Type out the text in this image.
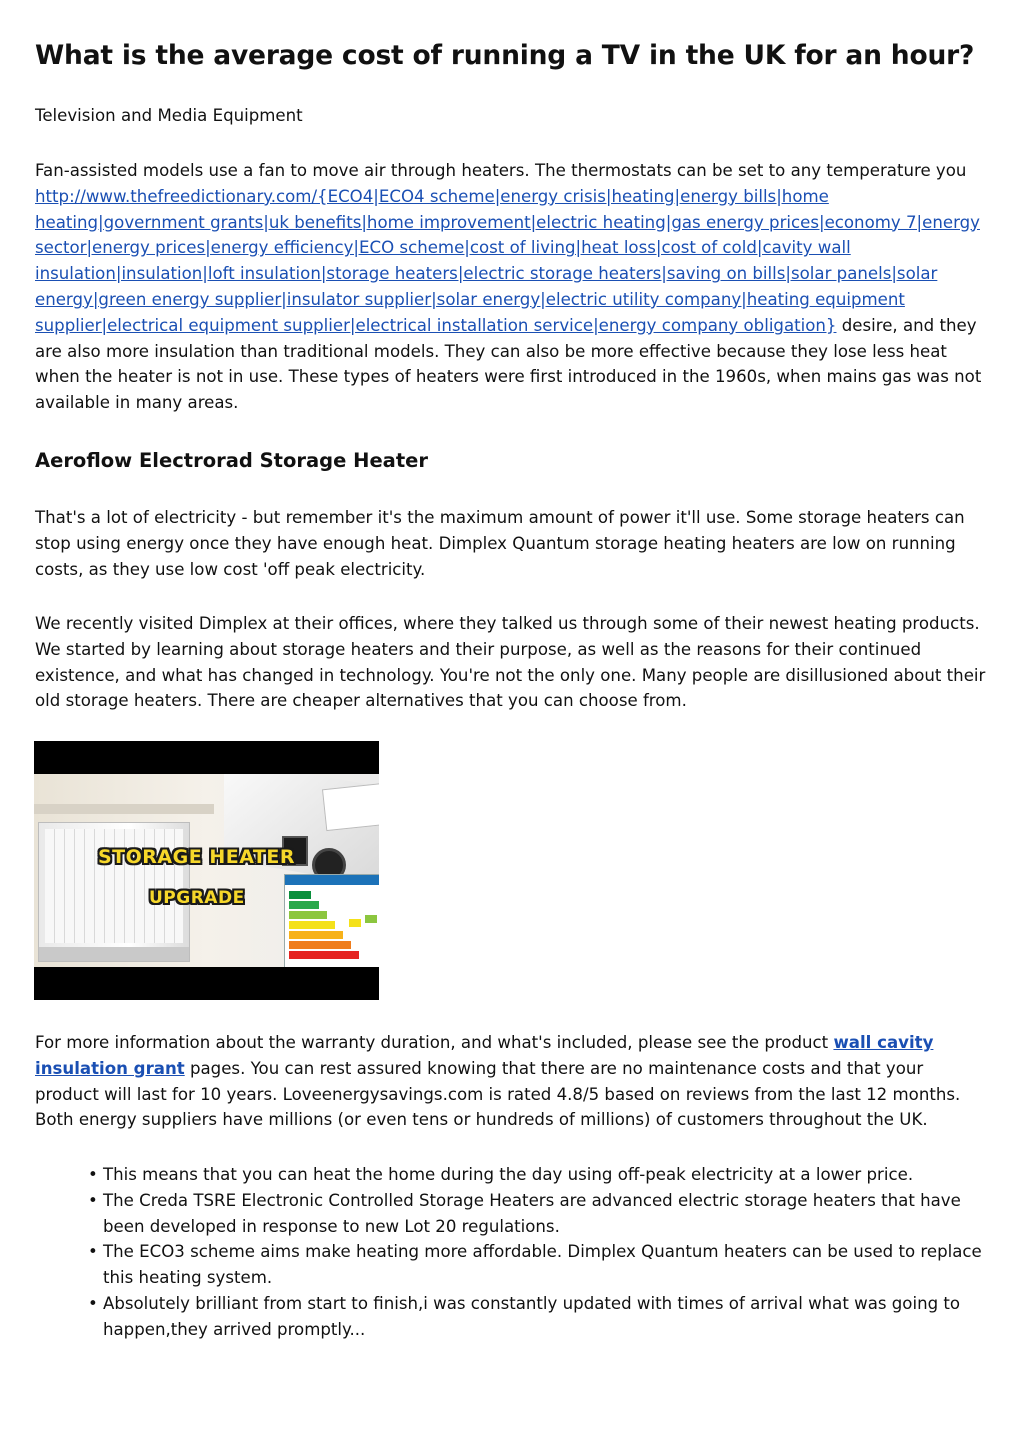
What is the average cost of running a TV in the UK for an hour?

Television and Media Equipment

Fan-assisted models use a fan to move air through heaters. The thermostats can be set to any temperature you http://www.thefreedictionary.com/{ECO4|ECO4 scheme|energy crisis|heating|energy bills|home heating|government grants|uk benefits|home improvement|electric heating|gas energy prices|economy 7|energy sector|energy prices|energy efficiency|ECO scheme|cost of living|heat loss|cost of cold|cavity wall insulation|insulation|loft insulation|storage heaters|electric storage heaters|saving on bills|solar panels|solar energy|green energy supplier|insulator supplier|solar energy|electric utility company|heating equipment supplier|electrical equipment supplier|electrical installation service|energy company obligation} desire, and they are also more insulation than traditional models. They can also be more effective because they lose less heat when the heater is not in use. These types of heaters were first introduced in the 1960s, when mains gas was not available in many areas.

Aeroflow Electrorad Storage Heater

That's a lot of electricity - but remember it's the maximum amount of power it'll use. Some storage heaters can stop using energy once they have enough heat. Dimplex Quantum storage heating heaters are low on running costs, as they use low cost 'off peak electricity.

We recently visited Dimplex at their offices, where they talked us through some of their newest heating products. We started by learning about storage heaters and their purpose, as well as the reasons for their continued existence, and what has changed in technology. You're not the only one. Many people are disillusioned about their old storage heaters. There are cheaper alternatives that you can choose from.

For more information about the warranty duration, and what's included, please see the product wall cavity insulation grant pages. You can rest assured knowing that there are no maintenance costs and that your product will last for 10 years. Loveenergysavings.com is rated 4.8/5 based on reviews from the last 12 months. Both energy suppliers have millions (or even tens or hundreds of millions) of customers throughout the UK.

• This means that you can heat the home during the day using off-peak electricity at a lower price.
• The Creda TSRE Electronic Controlled Storage Heaters are advanced electric storage heaters that have been developed in response to new Lot 20 regulations.
• The ECO3 scheme aims make heating more affordable. Dimplex Quantum heaters can be used to replace this heating system.
• Absolutely brilliant from start to finish,i was constantly updated with times of arrival what was going to happen,they arrived promptly...
STORAGE HEATER
UPGRADE
